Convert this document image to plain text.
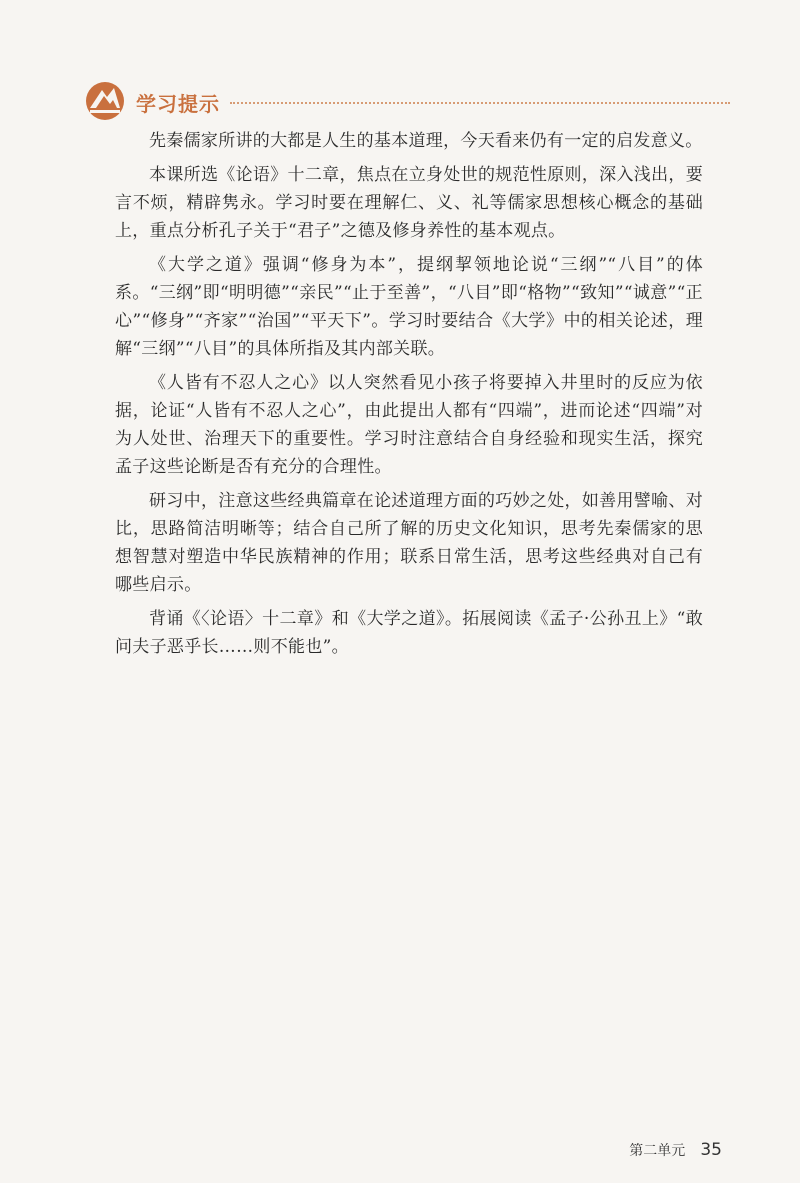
学习提示

先秦儒家所讲的大都是人生的基本道理，今天看来仍有一定的启发意义。

本课所选《论语》十二章，焦点在立身处世的规范性原则，深入浅出，要言不烦，精辟隽永。学习时要在理解仁、义、礼等儒家思想核心概念的基础上，重点分析孔子关于“君子”之德及修身养性的基本观点。

《大学之道》强调“修身为本”，提纲挈领地论说“三纲”“八目”的体系。“三纲”即“明明德”“亲民”“止于至善”，“八目”即“格物”“致知”“诚意”“正心”“修身”“齐家”“治国”“平天下”。学习时要结合《大学》中的相关论述，理解“三纲”“八目”的具体所指及其内部关联。

《人皆有不忍人之心》以人突然看见小孩子将要掉入井里时的反应为依据，论证“人皆有不忍人之心”，由此提出人都有“四端”，进而论述“四端”对为人处世、治理天下的重要性。学习时注意结合自身经验和现实生活，探究孟子这些论断是否有充分的合理性。

研习中，注意这些经典篇章在论述道理方面的巧妙之处，如善用譬喻、对比，思路简洁明晰等；结合自己所了解的历史文化知识，思考先秦儒家的思想智慧对塑造中华民族精神的作用；联系日常生活，思考这些经典对自己有哪些启示。

背诵《〈论语〉十二章》和《大学之道》。拓展阅读《孟子·公孙丑上》“敢问夫子恶乎长……则不能也”。

第二单元 35
